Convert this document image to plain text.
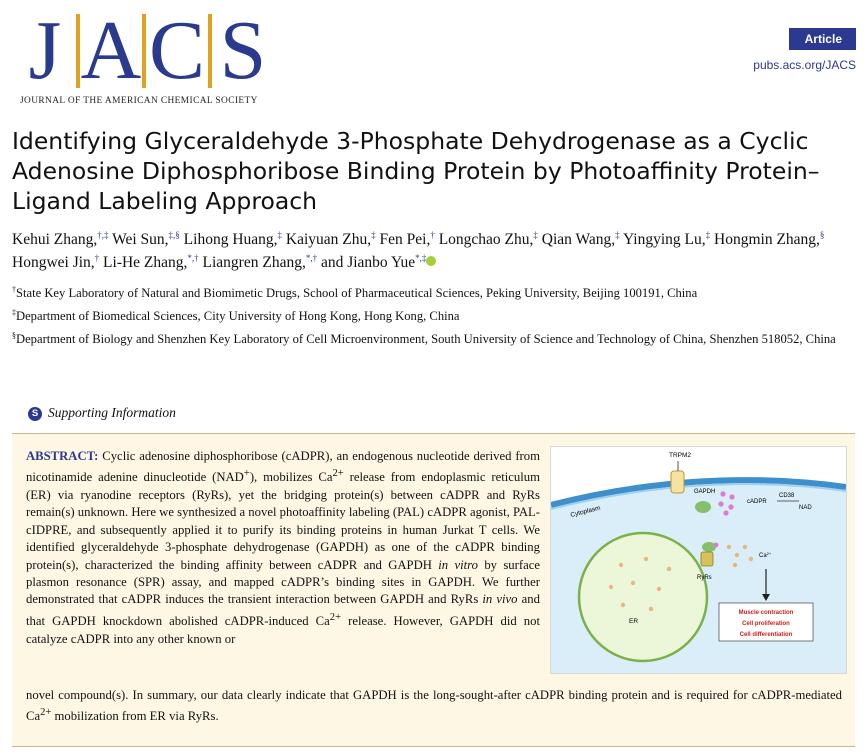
J A C S
JOURNAL OF THE AMERICAN CHEMICAL SOCIETY
Article
pubs.acs.org/JACS
Identifying Glyceraldehyde 3-Phosphate Dehydrogenase as a Cyclic Adenosine Diphosphoribose Binding Protein by Photoaffinity Protein–Ligand Labeling Approach
Kehui Zhang,†,‡ Wei Sun,‡,§ Lihong Huang,‡ Kaiyuan Zhu,‡ Fen Pei,† Longchao Zhu,‡ Qian Wang,‡ Yingying Lu,‡ Hongmin Zhang,§ Hongwei Jin,† Li-He Zhang,*,† Liangren Zhang,*,† and Jianbo Yue*,‡
†State Key Laboratory of Natural and Biomimetic Drugs, School of Pharmaceutical Sciences, Peking University, Beijing 100191, China
‡Department of Biomedical Sciences, City University of Hong Kong, Hong Kong, China
§Department of Biology and Shenzhen Key Laboratory of Cell Microenvironment, South University of Science and Technology of China, Shenzhen 518052, China
S Supporting Information
ABSTRACT: Cyclic adenosine diphosphoribose (cADPR), an endogenous nucleotide derived from nicotinamide adenine dinucleotide (NAD+), mobilizes $Ca^{2+}$ release from endoplasmic reticulum (ER) via ryanodine receptors (RyRs), yet the bridging protein(s) between cADPR and RyRs remain(s) unknown. Here we synthesized a novel photoaffinity labeling (PAL) cADPR agonist, PAL-cIDPRE, and subsequently applied it to purify its binding proteins in human Jurkat T cells. We identified glyceraldehyde 3-phosphate dehydrogenase (GAPDH) as one of the cADPR binding protein(s), characterized the binding affinity between cADPR and GAPDH in vitro by surface plasmon resonance (SPR) assay, and mapped cADPR’s binding sites in GAPDH. We further demonstrated that cADPR induces the transient interaction between GAPDH and RyRs in vivo and that GAPDH knockdown abolished cADPR-induced $Ca^{2+}$ release. However, GAPDH did not catalyze cADPR into any other known or
TRPM2
Cytoplasm
GAPDH
cADPR
CD38
NAD
ER
RyRs
$Ca^{2+}$
Muscle contraction
Cell proliferation
Cell differentiation
novel compound(s). In summary, our data clearly indicate that GAPDH is the long-sought-after cADPR binding protein and is required for cADPR-mediated $Ca^{2+}$ mobilization from ER via RyRs.
